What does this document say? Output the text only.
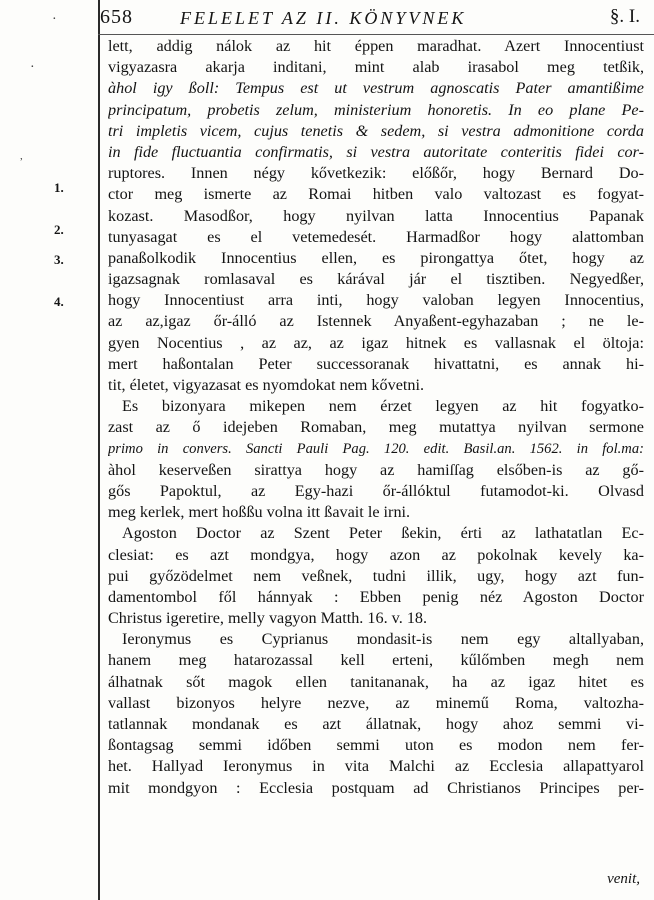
658	FELELET AZ II. KÖNYVNEK	§. I.
·
·
,
1.
2.
3.
4.
lett, addig nálok az hit éppen maradhat. Azert Innocentiust
vigyazasra akarja inditani, mint alab irasabol meg tetßik,
àhol igy ßoll: Tempus est ut vestrum agnoscatis Pater amantißime
principatum, probetis zelum, ministerium honoretis. In eo plane Pe-
tri impletis vicem, cujus tenetis & sedem, si vestra admonitione corda
in fide fluctuantia confirmatis, si vestra autoritate conteritis fidei cor-
ruptores. Innen négy kővetkezik: előßőr, hogy Bernard Do-
ctor meg ismerte az Romai hitben valo valtozast es fogyat-
kozast. Masodßor, hogy nyilvan latta Innocentius Papanak
tunyasagat es el vetemedesét. Harmadßor hogy alattomban
panaßolkodik Innocentius ellen, es pirongattya őtet, hogy az
igazsagnak romlasaval es kárával jár el tisztiben. Negyedßer,
hogy Innocentiust arra inti, hogy valoban legyen Innocentius,
az az,igaz őr-álló az Istennek Anyaßent-egyhazaban ; ne le-
gyen Nocentius , az az, az igaz hitnek es vallasnak el öltoja:
mert haßontalan Peter successoranak hivattatni, es annak hi-
tit, életet, vigyazasat es nyomdokat nem kővetni.
Es bizonyara mikepen nem érzet legyen az hit fogyatko-
zast az ő idejeben Romaban, meg mutattya nyilvan sermone
primo in convers. Sancti Pauli Pag. 120. edit. Basil.an. 1562. in fol.ma:
àhol keserveßen sirattya hogy az hamiſſag elsőben-is az gő-
gős Papoktul, az Egy-hazi őr-állóktul futamodot-ki. Olvasd
meg kerlek, mert hoßßu volna itt ßavait le irni.
Agoston Doctor az Szent Peter ßekin, érti az lathatatlan Ec-
clesiat: es azt mondgya, hogy azon az pokolnak kevely ka-
pui győzödelmet nem veßnek, tudni illik, ugy, hogy azt fun-
damentombol fől hánnyak : Ebben penig néz Agoston Doctor
Christus igeretire, melly vagyon Matth. 16. v. 18.
Ieronymus es Cyprianus mondasit-is nem egy altallyaban,
hanem meg hatarozassal kell erteni, kűlőmben megh nem
álhatnak sőt magok ellen tanitananak, ha az igaz hitet es
vallast bizonyos helyre nezve, az minemű Roma, valtozha-
tatlannak mondanak es azt állatnak, hogy ahoz semmi vi-
ßontagsag semmi időben semmi uton es modon nem fer-
het. Hallyad Ieronymus in vita Malchi az Ecclesia allapattyarol
mit mondgyon : Ecclesia postquam ad Christianos Principes per-
venit,
